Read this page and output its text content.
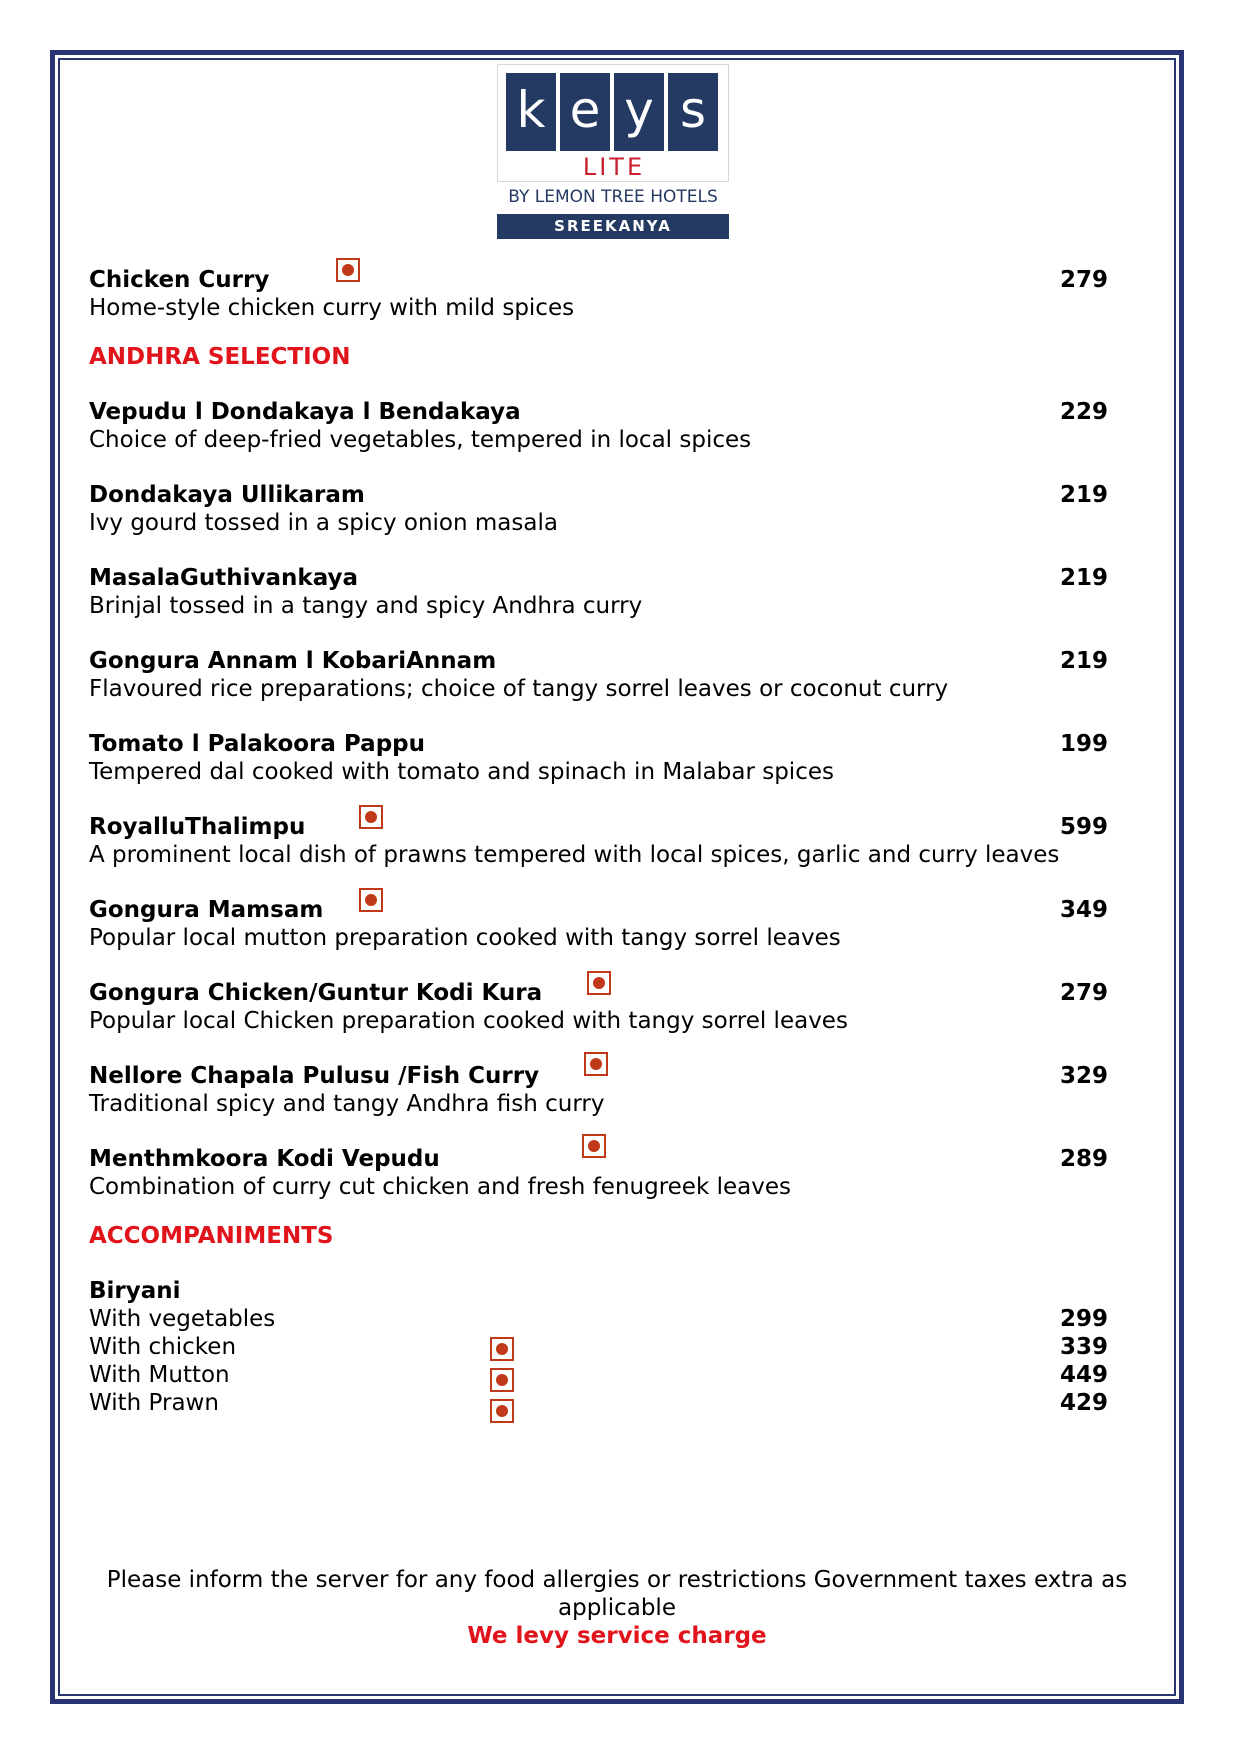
k e y s
LITE
BY LEMON TREE HOTELS
SREEKANYA
Chicken Curry	279
Home-style chicken curry with mild spices
ANDHRA SELECTION
Vepudu l Dondakaya l Bendakaya	229
Choice of deep-fried vegetables, tempered in local spices
Dondakaya Ullikaram	219
Ivy gourd tossed in a spicy onion masala
MasalaGuthivankaya	219
Brinjal tossed in a tangy and spicy Andhra curry
Gongura Annam l KobariAnnam	219
Flavoured rice preparations; choice of tangy sorrel leaves or coconut curry
Tomato l Palakoora Pappu	199
Tempered dal cooked with tomato and spinach in Malabar spices
RoyalluThalimpu	599
A prominent local dish of prawns tempered with local spices, garlic and curry leaves
Gongura Mamsam	349
Popular local mutton preparation cooked with tangy sorrel leaves
Gongura Chicken/Guntur Kodi Kura	279
Popular local Chicken preparation cooked with tangy sorrel leaves
Nellore Chapala Pulusu /Fish Curry	329
Traditional spicy and tangy Andhra fish curry
Menthmkoora Kodi Vepudu	289
Combination of curry cut chicken and fresh fenugreek leaves
ACCOMPANIMENTS
Biryani
With vegetables	299
With chicken	339
With Mutton	449
With Prawn	429
Please inform the server for any food allergies or restrictions Government taxes extra as applicable
We levy service charge
